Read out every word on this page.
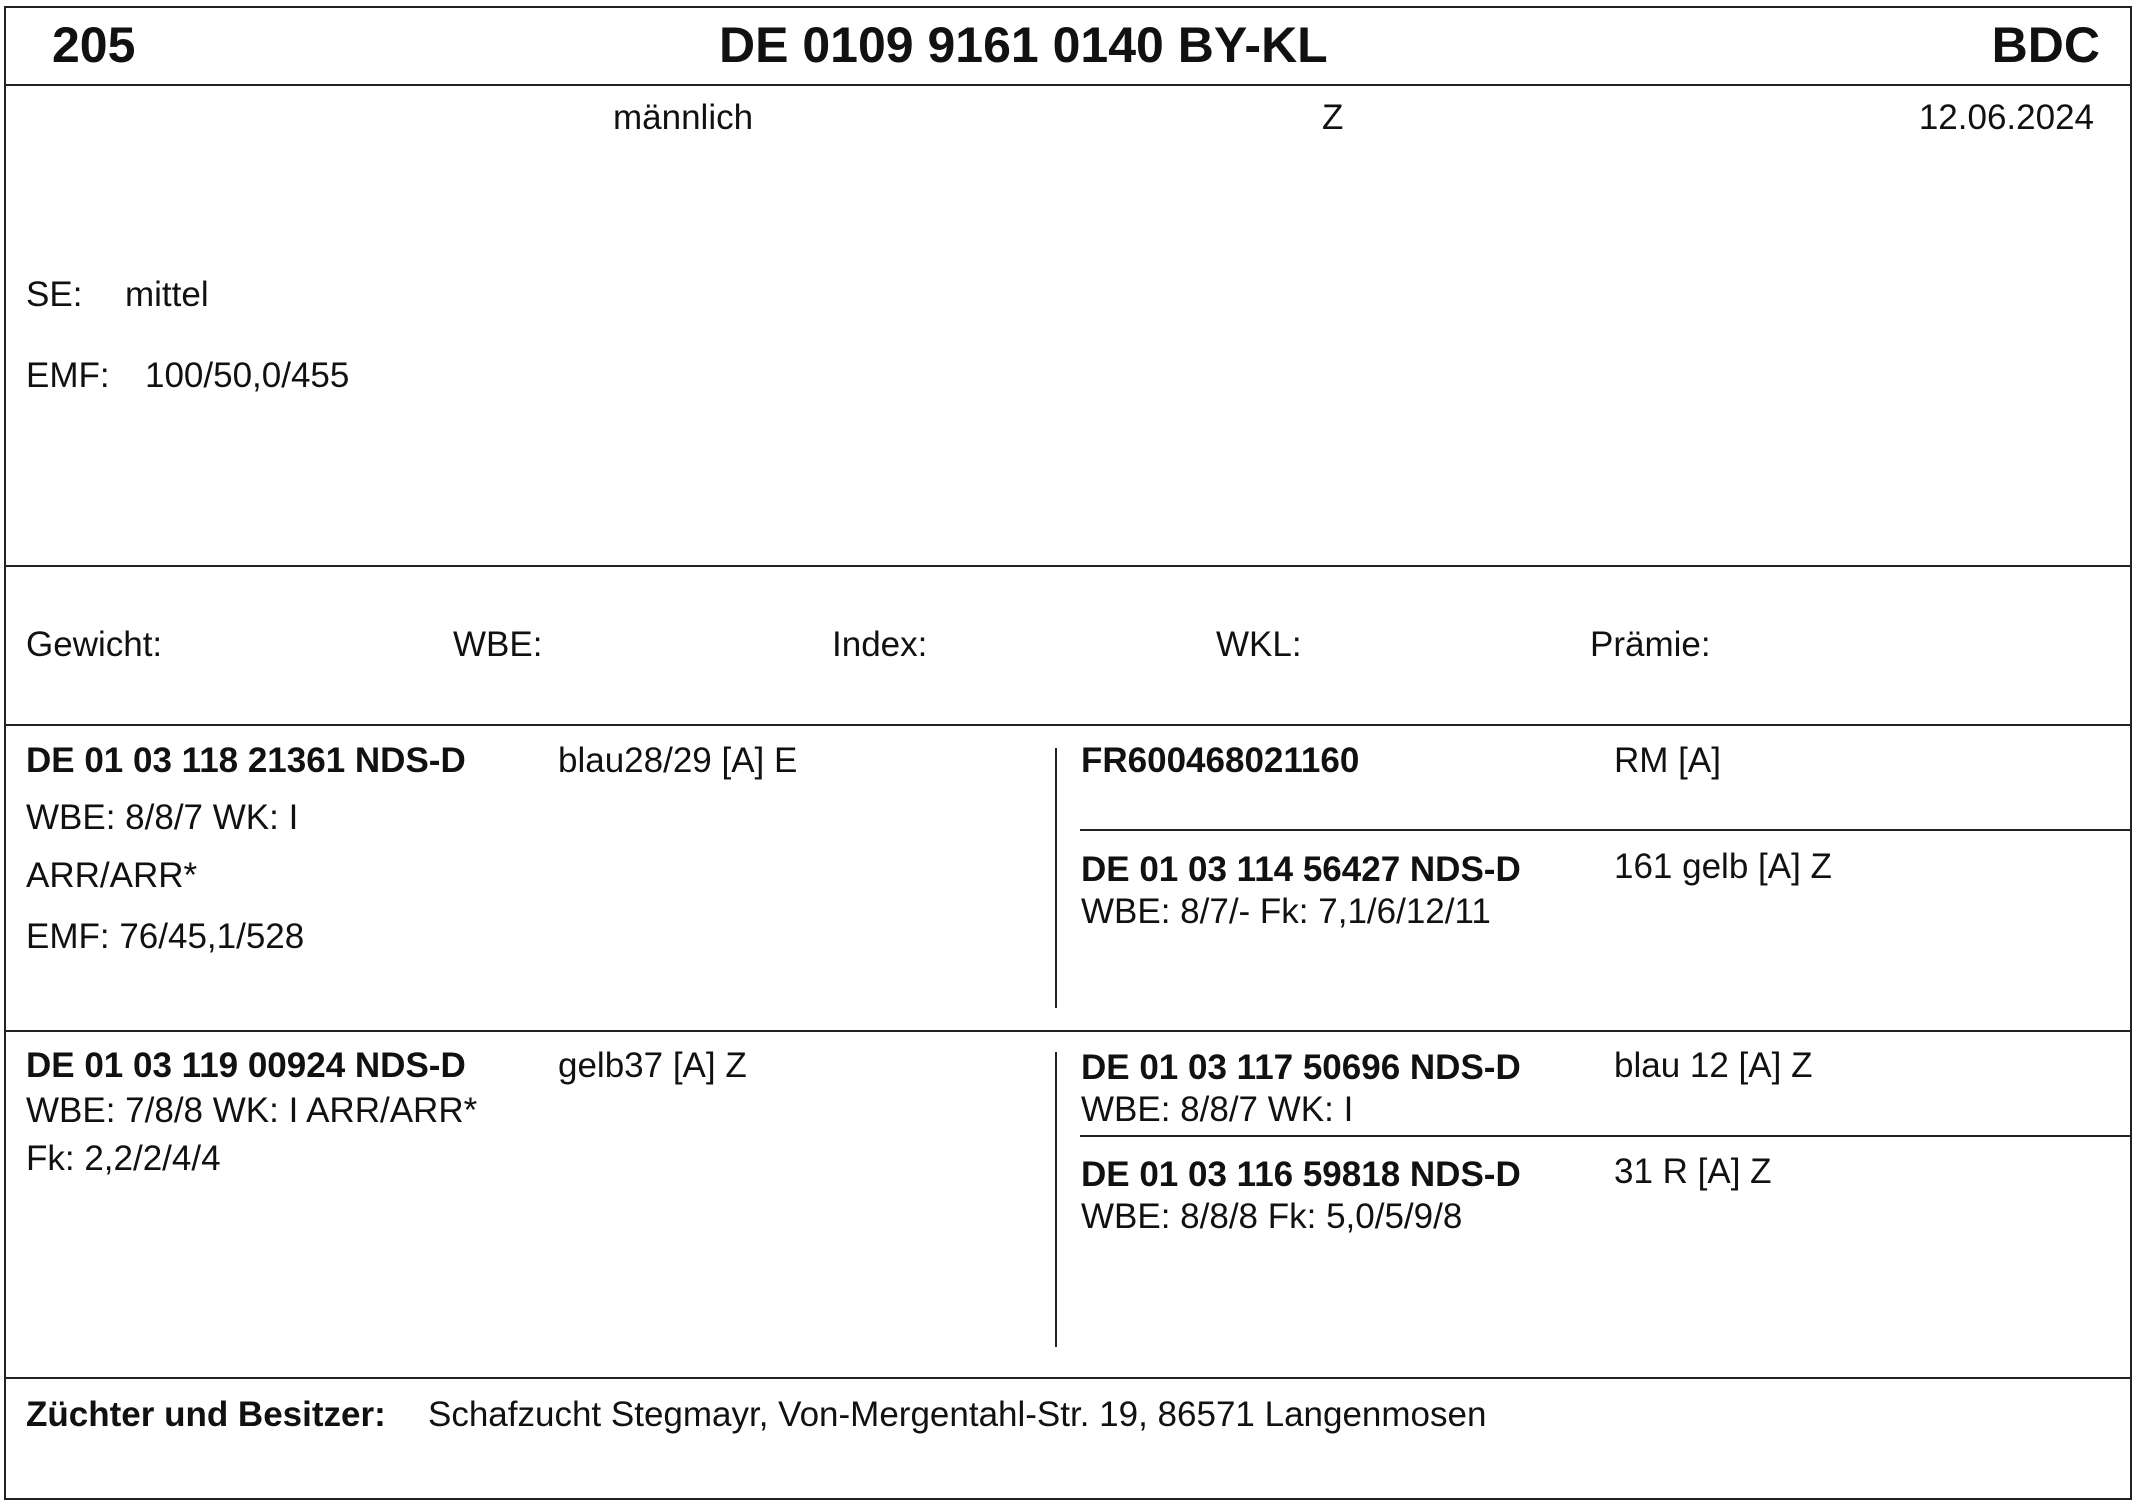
205	DE 0109 9161 0140 BY-KL	BDC
männlich	Z	12.06.2024
SE: mittel
EMF: 100/50,0/455
Gewicht:	WBE:	Index:	WKL:	Prämie:
DE 01 03 118 21361 NDS-D	blau28/29 [A] E
WBE: 8/8/7 WK: I
ARR/ARR*
EMF: 76/45,1/528
FR600468021160	RM [A]
DE 01 03 114 56427 NDS-D	161 gelb [A] Z
WBE: 8/7/- Fk: 7,1/6/12/11
DE 01 03 119 00924 NDS-D	gelb37 [A] Z
WBE: 7/8/8 WK: I ARR/ARR*
Fk: 2,2/2/4/4
DE 01 03 117 50696 NDS-D	blau 12 [A] Z
WBE: 8/8/7 WK: I
DE 01 03 116 59818 NDS-D	31 R [A] Z
WBE: 8/8/8 Fk: 5,0/5/9/8
Züchter und Besitzer: Schafzucht Stegmayr, Von-Mergentahl-Str. 19, 86571 Langenmosen
